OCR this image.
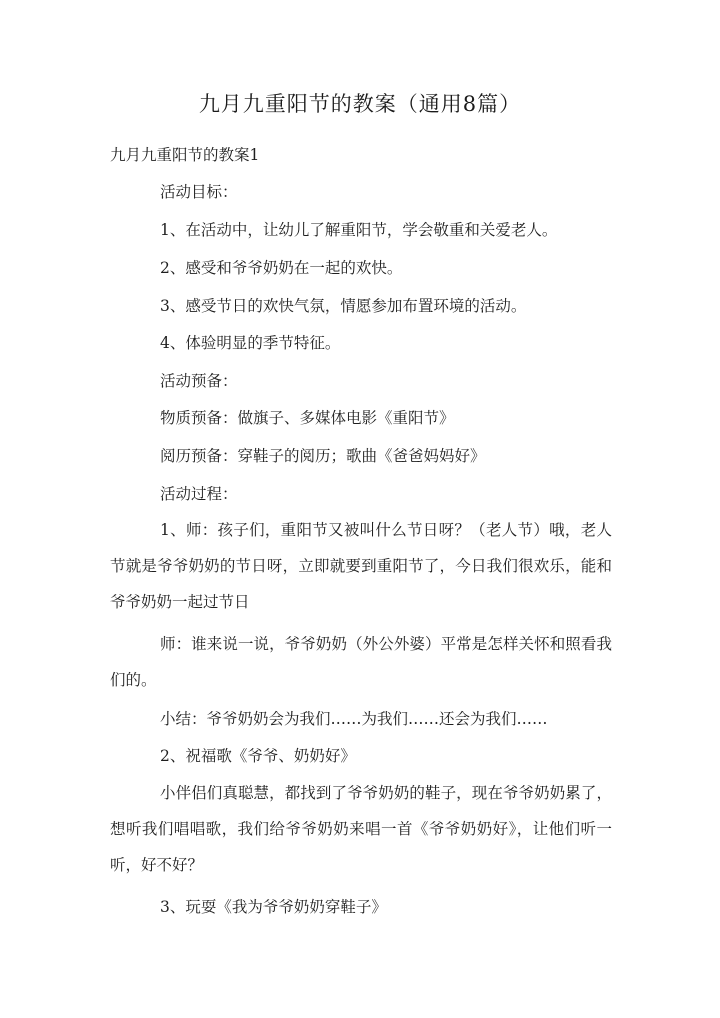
九月九重阳节的教案（通用8篇）
九月九重阳节的教案1
活动目标：
1、在活动中，让幼儿了解重阳节，学会敬重和关爱老人。
2、感受和爷爷奶奶在一起的欢快。
3、感受节日的欢快气氛，情愿参加布置环境的活动。
4、体验明显的季节特征。
活动预备：
物质预备：做旗子、多媒体电影《重阳节》
阅历预备：穿鞋子的阅历；歌曲《爸爸妈妈好》
活动过程：
1、师：孩子们，重阳节又被叫什么节日呀？（老人节）哦，老人节就是爷爷奶奶的节日呀，立即就要到重阳节了，今日我们很欢乐，能和爷爷奶奶一起过节日
师：谁来说一说，爷爷奶奶（外公外婆）平常是怎样关怀和照看我们的。
小结：爷爷奶奶会为我们……为我们……还会为我们……
2、祝福歌《爷爷、奶奶好》
小伴侣们真聪慧，都找到了爷爷奶奶的鞋子，现在爷爷奶奶累了，想听我们唱唱歌，我们给爷爷奶奶来唱一首《爷爷奶奶好》，让他们听一听，好不好？
3、玩耍《我为爷爷奶奶穿鞋子》
